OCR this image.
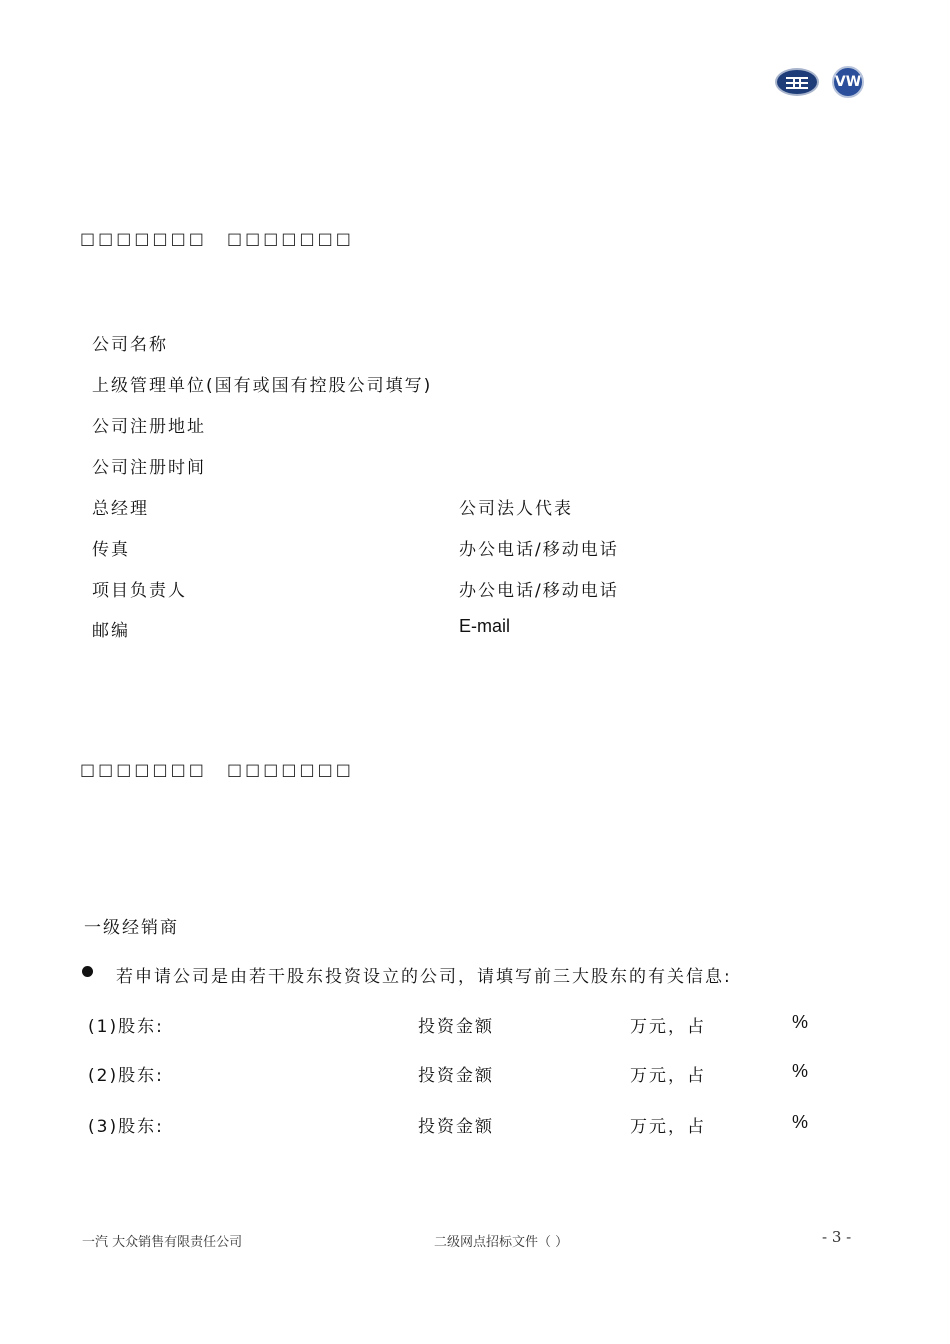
VW
□□□□□□□ □□□□□□□
公司名称
上级管理单位(国有或国有控股公司填写)
公司注册地址
公司注册时间
总经理	公司法人代表
传真	办公电话/移动电话
项目负责人	办公电话/移动电话
邮编	E-mail
□□□□□□□ □□□□□□□
一级经销商
若申请公司是由若干股东投资设立的公司，请填写前三大股东的有关信息:
(1)股东:	投资金额	万元，占	%
(2)股东:	投资金额	万元，占	%
(3)股东:	投资金额	万元，占	%
一汽 大众销售有限责任公司	二级网点招标文件（ ）	- 3 -
